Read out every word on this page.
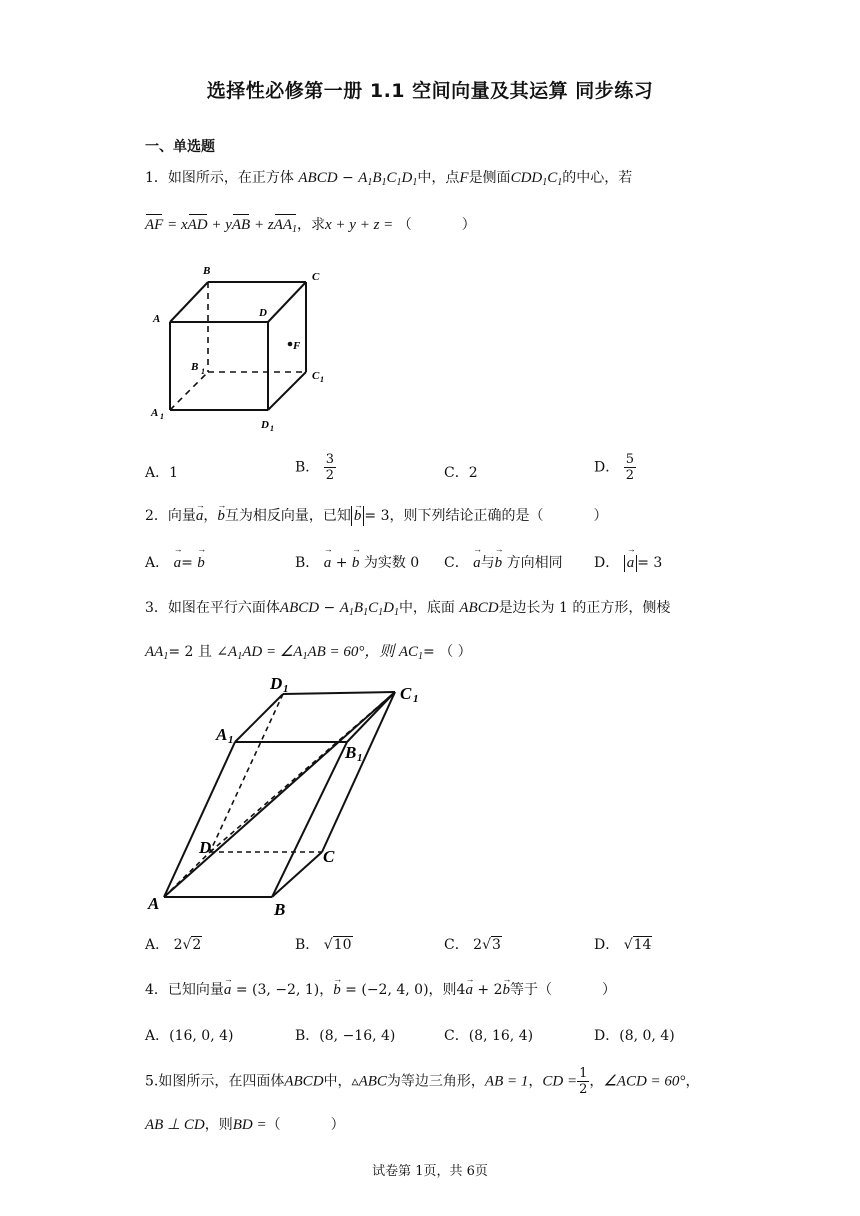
选择性必修第一册 1.1 空间向量及其运算 同步练习
一、单选题
1．如图所示，在正方体 ABCD − $A_1B_1C_1D_1$中，点F是侧面$CDD_1C_1$的中心，若
AF = xAD + yAB + zAA$_1$，求x + y + z = （	）
B	C
A	D
F
B 1	C 1
A 1
D 1
A．1	B． $\frac{3}{2}$	C．2	D． $\frac{5}{2}$
2．向量→ a，→ b互为相反向量，已知 → b = 3，则下列结论正确的是（	）
A． → a= → b	B． → a + → b 为实数 0 C． → a与→ b 方向相同 D． → a = 3
3．如图在平行六面体ABCD − $A_1B_1C_1D_1$中，底面 ABCD是边长为 1 的正方形，侧棱
$AA_1= 2$ 且 $\angle A_1AD$ = $\angle A_1AB = 60^\circ$，则 $AC_1=$ （ ）
D 1	C 1
A 1
B 1
D	C
A	B
A． 2√2	B． √10	C． 2√3	D． √14
4．已知向量→ a = (3, −2, 1)，→ b = (−2, 4, 0)，则4→ a + 2→ b等于（	）
A．(16, 0, 4)	B．(8, −16, 4)	C．(8, 16, 4)	D．(8, 0, 4)
5.如图所示，在四面体ABCD中，▵ABC为等边三角形，AB = 1，CD = $\frac{1}{2}$ ，∠ACD = 60°，
AB ⊥ CD，则BD =（	）
试卷第 1页，共 6页
